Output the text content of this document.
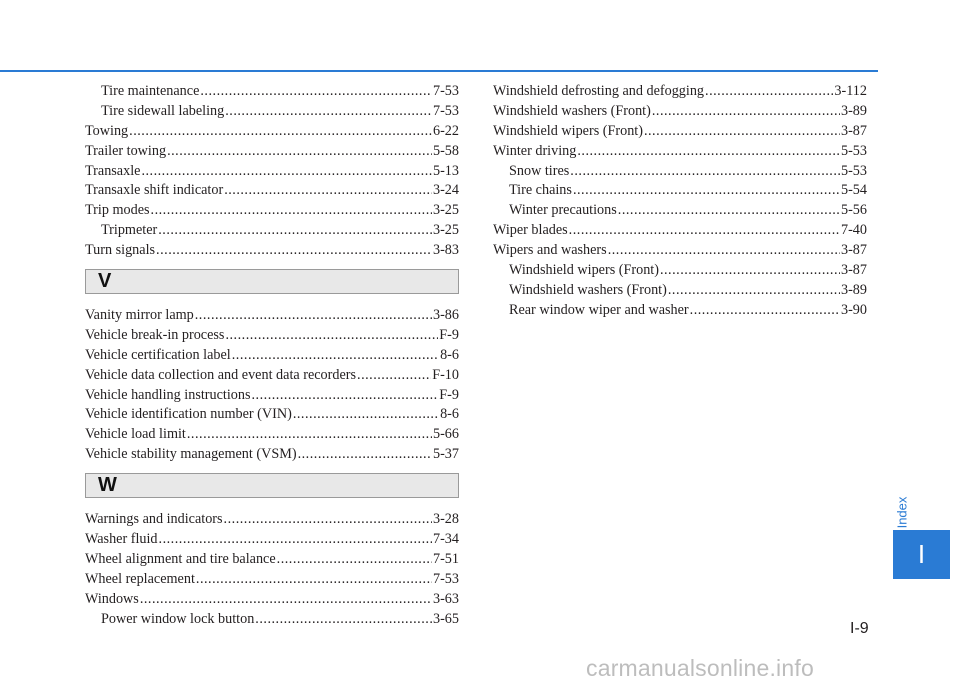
Tire maintenance .....	7-53
Tire sidewall labeling .....	7-53
Towing .....	6-22
Trailer towing .....	5-58
Transaxle .....	5-13
Transaxle shift indicator .....	3-24
Trip modes .....	3-25
Tripmeter .....	3-25
Turn signals .....	3-83
V
Vanity mirror lamp .....	3-86
Vehicle break-in process .....	F-9
Vehicle certification label .....	8-6
Vehicle data collection and event data recorders .....	F-10
Vehicle handling instructions .....	F-9
Vehicle identification number (VIN) .....	8-6
Vehicle load limit .....	5-66
Vehicle stability management (VSM) .....	5-37
W
Warnings and indicators .....	3-28
Washer fluid .....	7-34
Wheel alignment and tire balance .....	7-51
Wheel replacement .....	7-53
Windows .....	3-63
Power window lock button .....	3-65
Windshield defrosting and defogging .....	3-112
Windshield washers (Front) .....	3-89
Windshield wipers (Front) .....	3-87
Winter driving .....	5-53
Snow tires .....	5-53
Tire chains .....	5-54
Winter precautions .....	5-56
Wiper blades .....	7-40
Wipers and washers .....	3-87
Windshield wipers (Front) .....	3-87
Windshield washers (Front) .....	3-89
Rear window wiper and washer .....	3-90
Index
I
I-9
carmanualsonline.info
